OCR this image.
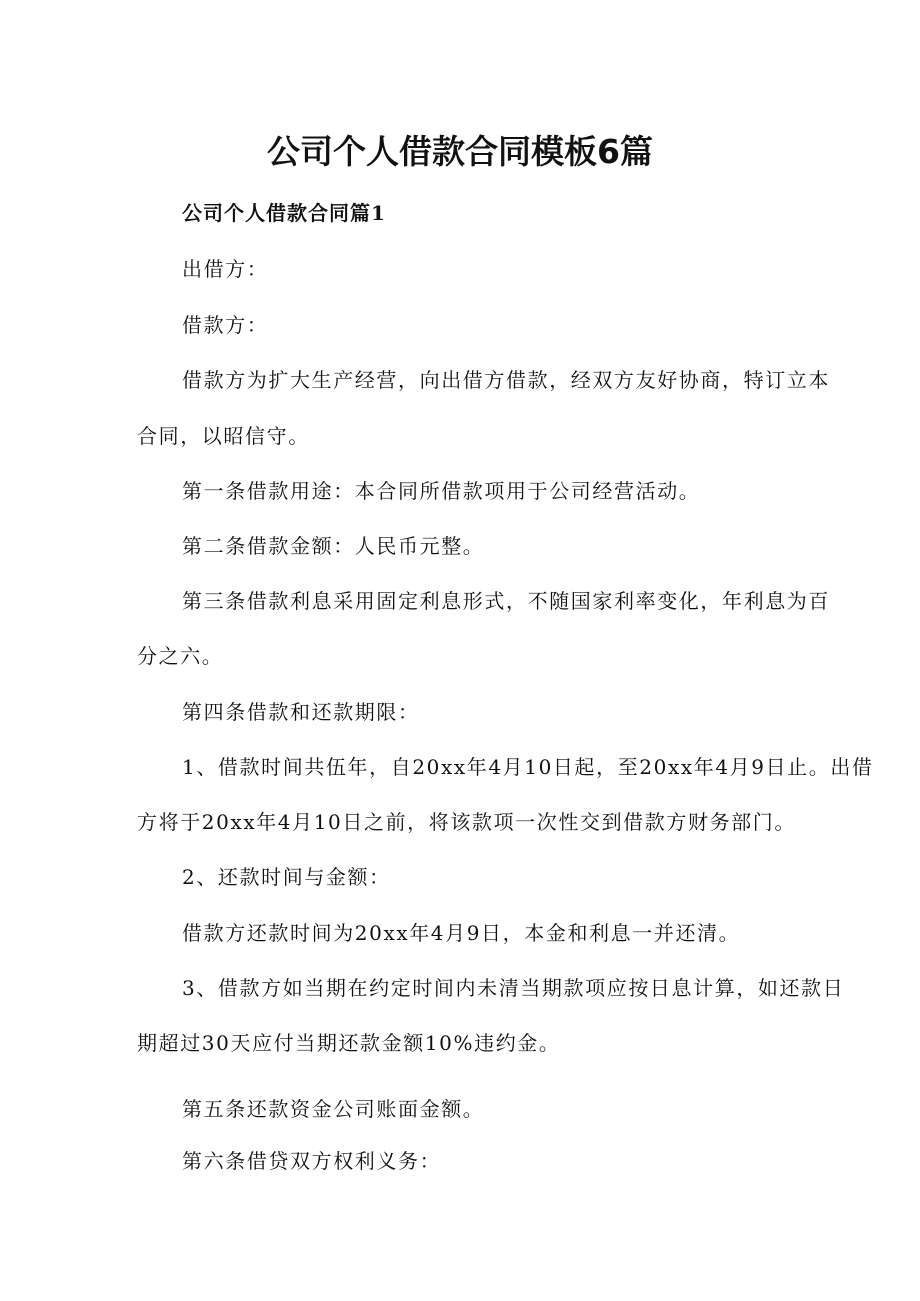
公司个人借款合同模板6篇
公司个人借款合同篇1
出借方：
借款方：
借款方为扩大生产经营，向出借方借款，经双方友好协商，特订立本
合同，以昭信守。
第一条借款用途：本合同所借款项用于公司经营活动。
第二条借款金额：人民币元整。
第三条借款利息采用固定利息形式，不随国家利率变化，年利息为百
分之六。
第四条借款和还款期限：
1、借款时间共伍年，自20xx年4月10日起，至20xx年4月9日止。出借
方将于20xx年4月10日之前，将该款项一次性交到借款方财务部门。
2、还款时间与金额：
借款方还款时间为20xx年4月9日，本金和利息一并还清。
3、借款方如当期在约定时间内未清当期款项应按日息计算，如还款日
期超过30天应付当期还款金额10%违约金。
第五条还款资金公司账面金额。
第六条借贷双方权利义务：
